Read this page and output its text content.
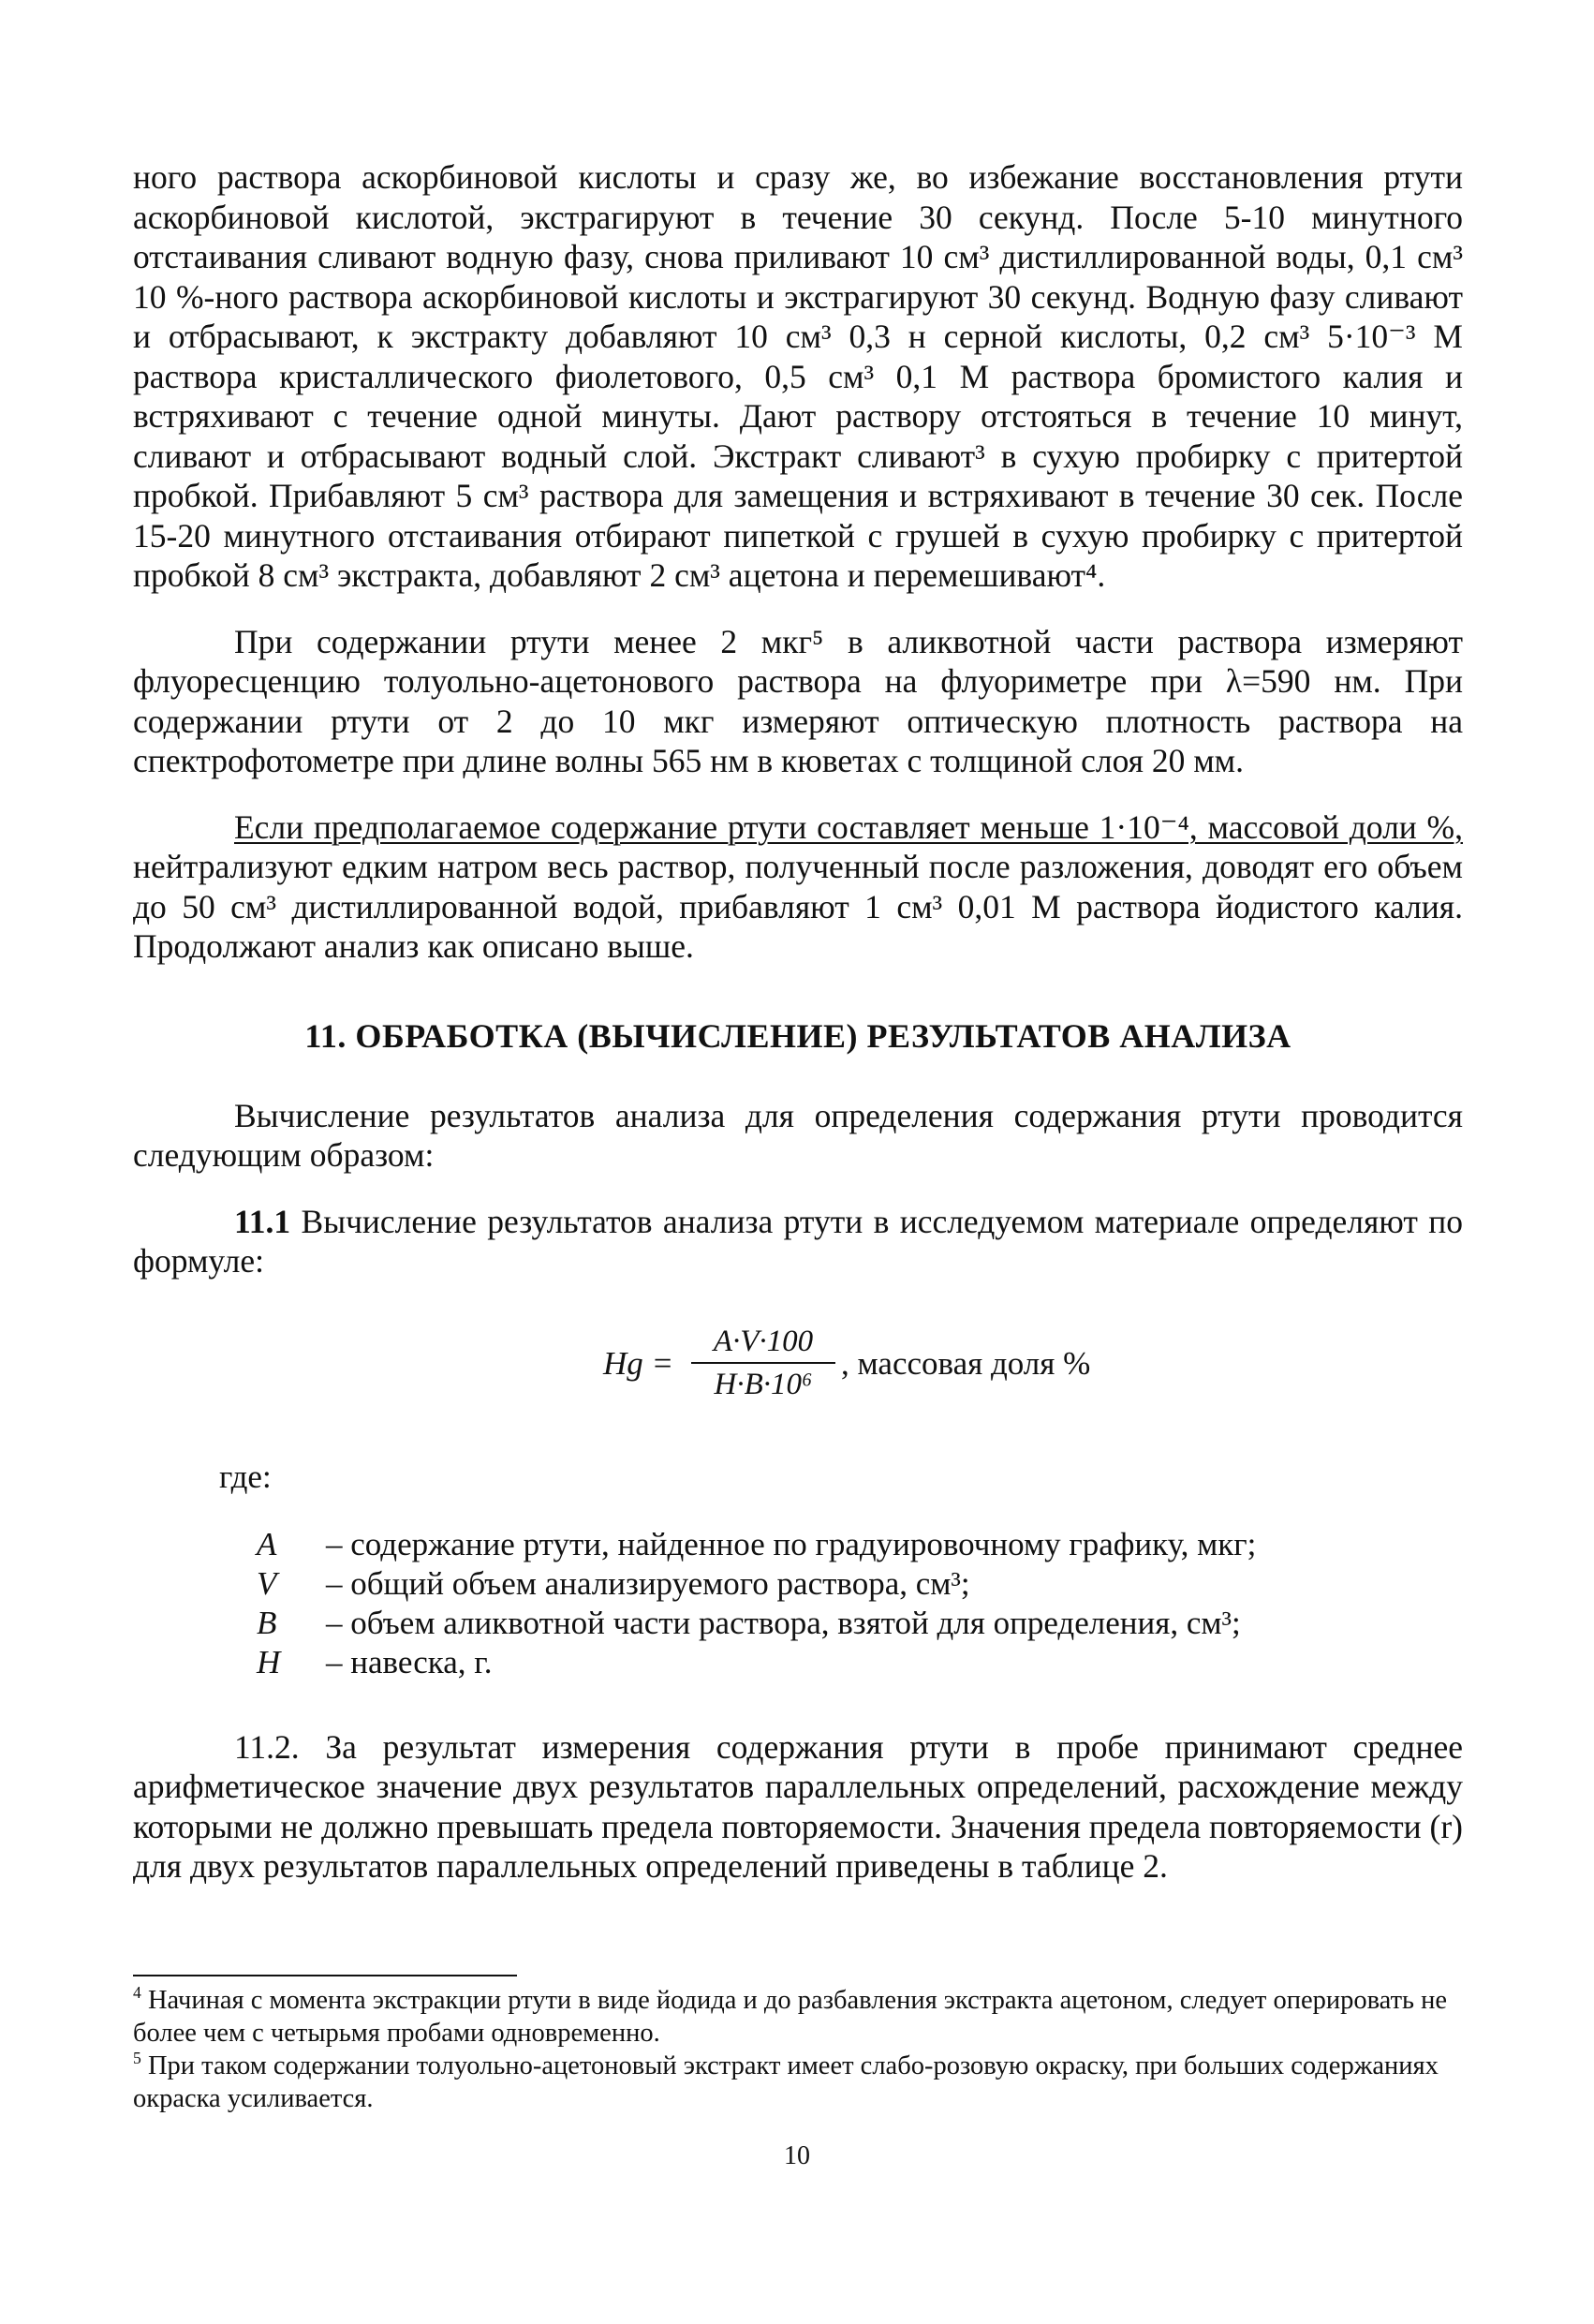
ного раствора аскорбиновой кислоты и сразу же, во избежание восстановления ртути аскорбиновой кислотой, экстрагируют в течение 30 секунд. После 5-10 минутного отстаивания сливают водную фазу, снова приливают 10 см³ дистиллированной воды, 0,1 см³ 10 %-ного раствора аскорбиновой кислоты и экстрагируют 30 секунд. Водную фазу сливают и отбрасывают, к экстракту добавляют 10 см³ 0,3 н серной кислоты, 0,2 см³ 5·10⁻³ М раствора кристаллического фиолетового, 0,5 см³ 0,1 М раствора бромистого калия и встряхивают с течение одной минуты. Дают раствору отстояться в течение 10 минут, сливают и отбрасывают водный слой. Экстракт сливают³ в сухую пробирку с притертой пробкой. Прибавляют 5 см³ раствора для замещения и встряхивают в течение 30 сек. После 15-20 минутного отстаивания отбирают пипеткой с грушей в сухую пробирку с притертой пробкой 8 см³ экстракта, добавляют 2 см³ ацетона и перемешивают⁴.

При содержании ртути менее 2 мкг⁵ в аликвотной части раствора измеряют флуоресценцию толуольно-ацетонового раствора на флуориметре при λ=590 нм. При содержании ртути от 2 до 10 мкг измеряют оптическую плотность раствора на спектрофотометре при длине волны 565 нм в кюветах с толщиной слоя 20 мм.

Если предполагаемое содержание ртути составляет меньше 1·10⁻⁴, массовой доли %, нейтрализуют едким натром весь раствор, полученный после разложения, доводят его объем до 50 см³ дистиллированной водой, прибавляют 1 см³ 0,01 М раствора йодистого калия. Продолжают анализ как описано выше.

11. ОБРАБОТКА (ВЫЧИСЛЕНИЕ) РЕЗУЛЬТАТОВ АНАЛИЗА

Вычисление результатов анализа для определения содержания ртути проводится следующим образом:

11.1 Вычисление результатов анализа ртути в исследуемом материале определяют по формуле:

Hg =
A·V·100
H·B·10⁶
, массовая доля %
где:
A	– содержание ртути, найденное по градуировочному графику, мкг;
V	– общий объем анализируемого раствора, см³;
B	– объем аликвотной части раствора, взятой для определения, см³;
H	– навеска, г.

11.2. За результат измерения содержания ртути в пробе принимают среднее арифметическое значение двух результатов параллельных определений, расхождение между которыми не должно превышать предела повторяемости. Значения предела повторяемости (r) для двух результатов параллельных определений приведены в таблице 2.

$^4$ Начиная с момента экстракции ртути в виде йодида и до разбавления экстракта ацетоном, следует оперировать не более чем с четырьмя пробами одновременно.

$^5$ При таком содержании толуольно-ацетоновый экстракт имеет слабо-розовую окраску, при больших содержаниях окраска усиливается.

10
